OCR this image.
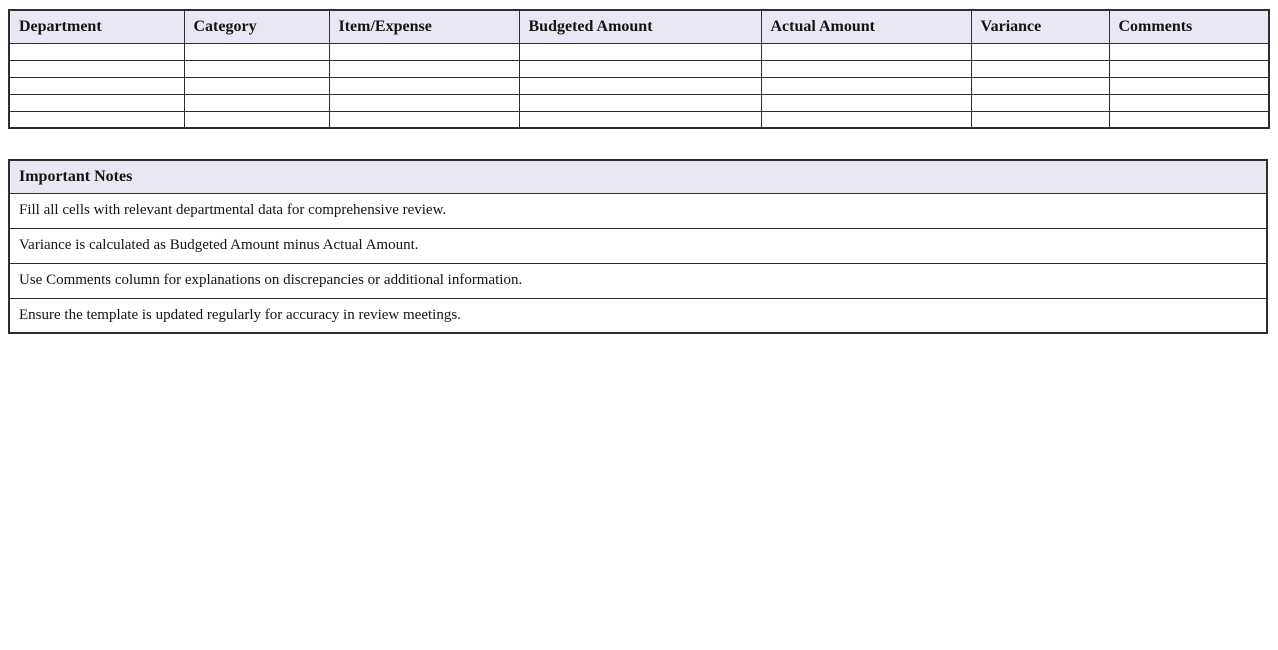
Department	Category	Item/Expense	Budgeted Amount	Actual Amount	Variance	Comments

Important Notes
Fill all cells with relevant departmental data for comprehensive review.
Variance is calculated as Budgeted Amount minus Actual Amount.
Use Comments column for explanations on discrepancies or additional information.
Ensure the template is updated regularly for accuracy in review meetings.
